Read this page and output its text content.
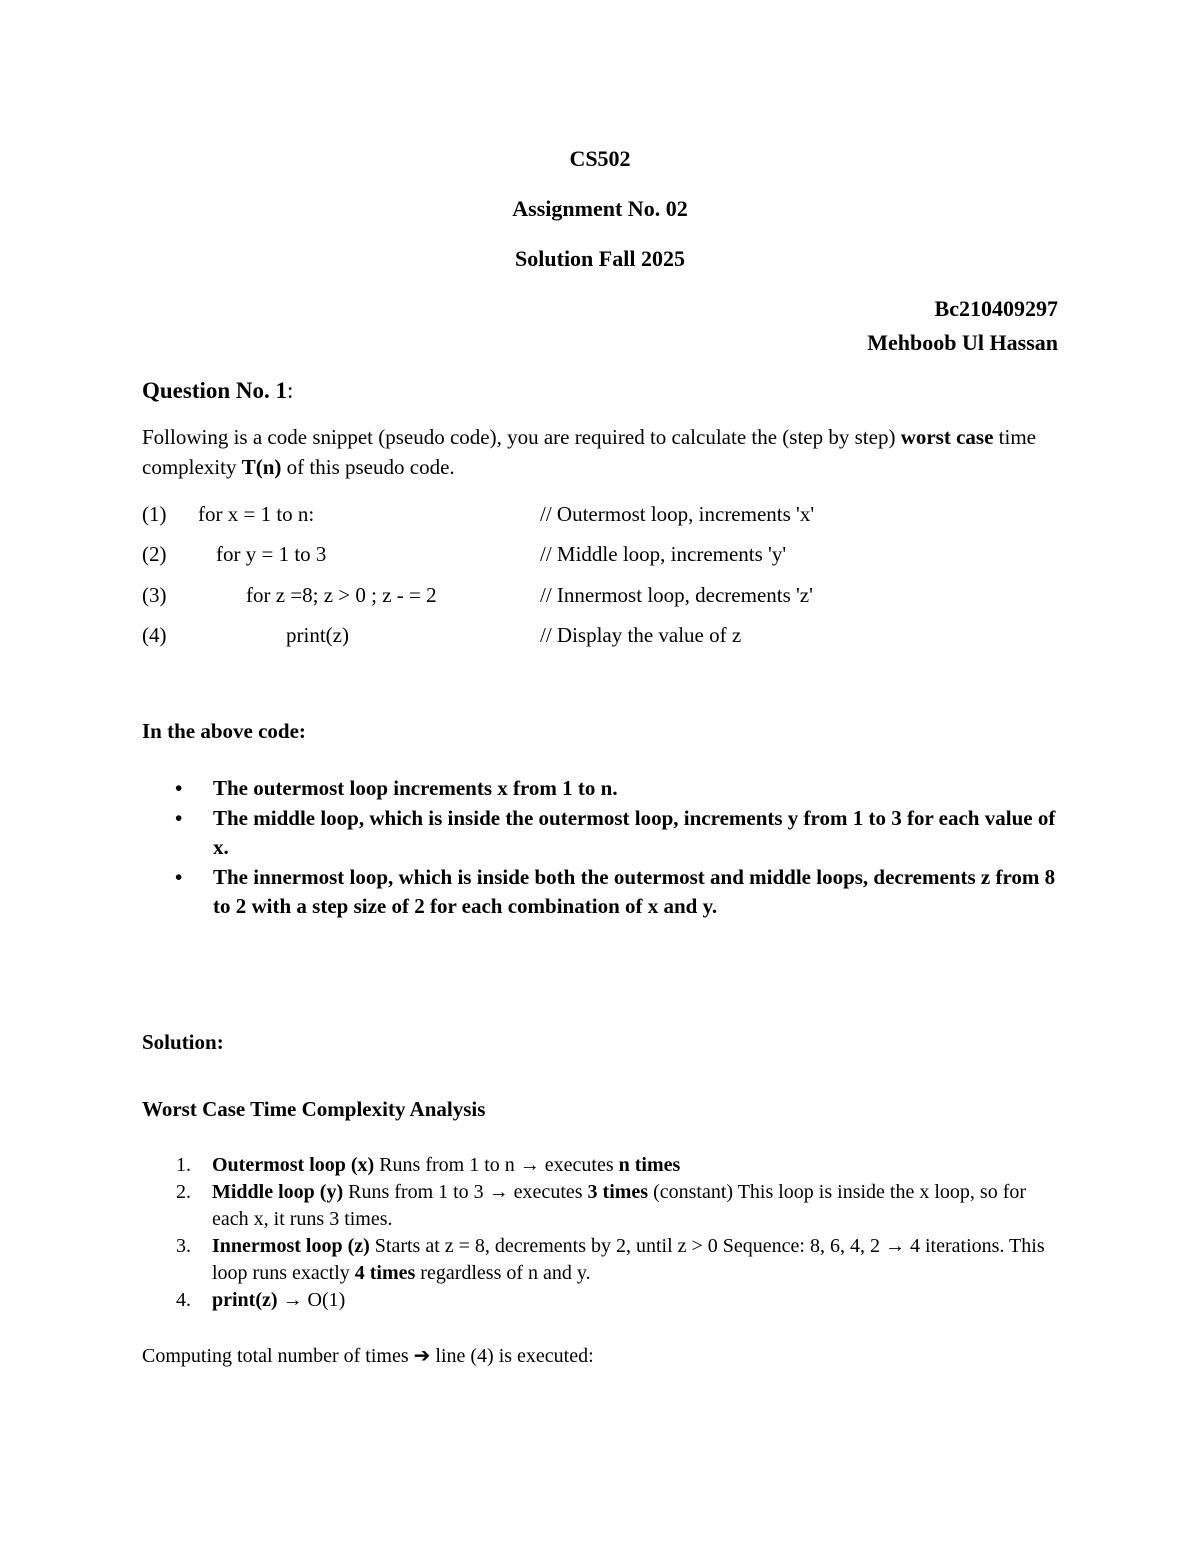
CS502
Assignment No. 02
Solution Fall 2025
Bc210409297
Mehboob Ul Hassan
Question No. 1:
Following is a code snippet (pseudo code), you are required to calculate the (step by step) worst case time complexity T(n) of this pseudo code.
(1) for x = 1 to n:	// Outermost loop, increments 'x'
(2) for y = 1 to 3	// Middle loop, increments 'y'
(3)	for z =8; z > 0 ; z - = 2	// Innermost loop, decrements 'z'
(4)	print(z)	// Display the value of z
In the above code:
• The outermost loop increments x from 1 to n.
• The middle loop, which is inside the outermost loop, increments y from 1 to 3 for each value of x.
• The innermost loop, which is inside both the outermost and middle loops, decrements z from 8 to 2 with a step size of 2 for each combination of x and y.
Solution:
Worst Case Time Complexity Analysis
1. Outermost loop (x) Runs from 1 to n → executes n times
2. Middle loop (y) Runs from 1 to 3 → executes 3 times (constant) This loop is inside the x loop, so for each x, it runs 3 times.
3. Innermost loop (z) Starts at z = 8, decrements by 2, until z > 0 Sequence: 8, 6, 4, 2 → 4 iterations. This loop runs exactly 4 times regardless of n and y.
4. print(z) → O(1)
Computing total number of times ➔ line (4) is executed:
